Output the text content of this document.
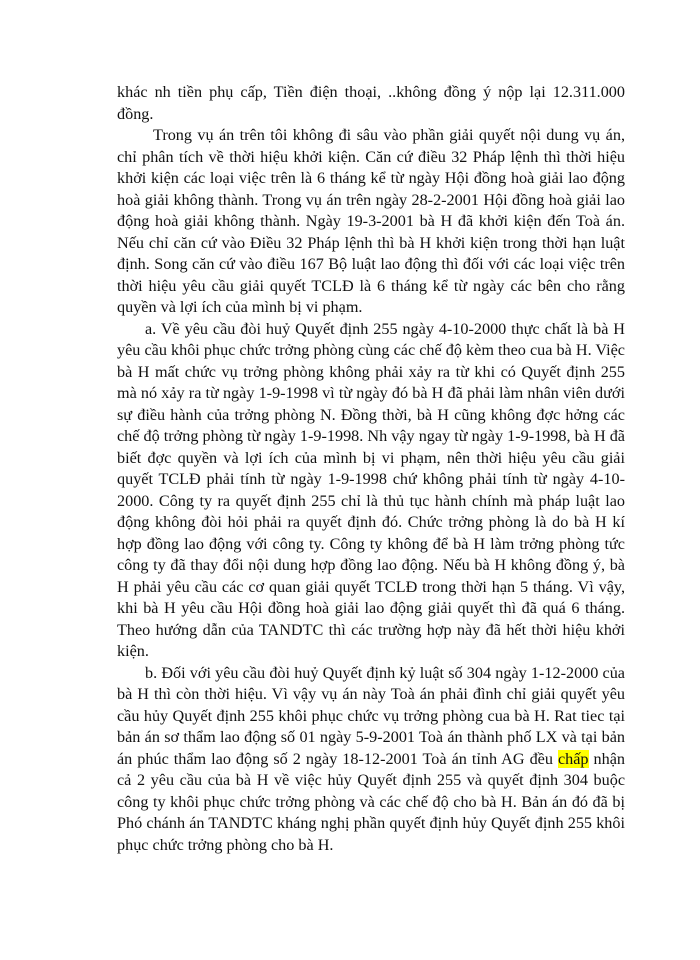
khác nh tiền phụ cấp, Tiền điện thoại, ..không đồng ý nộp lại 12.311.000 đồng.

Trong vụ án trên tôi không đi sâu vào phần giải quyết nội dung vụ án, chỉ phân tích về thời hiệu khởi kiện. Căn cứ điều 32 Pháp lệnh thì thời hiệu khởi kiện các loại việc trên là 6 tháng kể từ ngày Hội đồng hoà giải lao động hoà giải không thành. Trong vụ án trên ngày 28-2-2001 Hội đồng hoà giải lao động hoà giải không thành. Ngày 19-3-2001 bà H đã khởi kiện đến Toà án. Nếu chỉ căn cứ vào Điều 32 Pháp lệnh thì bà H khởi kiện trong thời hạn luật định. Song căn cứ vào điều 167 Bộ luật lao động thì đối với các loại việc trên thời hiệu yêu cầu giải quyết TCLĐ là 6 tháng kể từ ngày các bên cho rằng quyền và lợi ích của mình bị vi phạm.

a. Về yêu cầu đòi huỷ Quyết định 255 ngày 4-10-2000 thực chất là bà H yêu cầu khôi phục chức trởng phòng cùng các chế độ kèm theo cua bà H. Việc bà H mất chức vụ trởng phòng không phải xảy ra từ khi có Quyết định 255 mà nó xảy ra từ ngày 1-9-1998 vì từ ngày đó bà H đã phải làm nhân viên dưới sự điều hành của trởng phòng N. Đồng thời, bà H cũng không đợc hởng các chế độ trởng phòng từ ngày 1-9-1998. Nh vậy ngay từ ngày 1-9-1998, bà H đã biết đợc quyền và lợi ích của mình bị vi phạm, nên thời hiệu yêu cầu giải quyết TCLĐ phải tính từ ngày 1-9-1998 chứ không phải tính từ ngày 4-10-2000. Công ty ra quyết định 255 chỉ là thủ tục hành chính mà pháp luật lao động không đòi hỏi phải ra quyết định đó. Chức trởng phòng là do bà H kí hợp đồng lao động với công ty. Công ty không để bà H làm trởng phòng tức công ty đã thay đổi nội dung hợp đồng lao động. Nếu bà H không đồng ý, bà H phải yêu cầu các cơ quan giải quyết TCLĐ trong thời hạn 5 tháng. Vì vậy, khi bà H yêu cầu Hội đồng hoà giải lao động giải quyết thì đã quá 6 tháng. Theo hướng dẫn của TANDTC thì các trường hợp này đã hết thời hiệu khởi kiện.

b. Đối với yêu cầu đòi huỷ Quyết định kỷ luật số 304 ngày 1-12-2000 của bà H thì còn thời hiệu. Vì vậy vụ án này Toà án phải đình chỉ giải quyết yêu cầu hủy Quyết định 255 khôi phục chức vụ trởng phòng cua bà H. Rat tiec tại bản án sơ thẩm lao động số 01 ngày 5-9-2001 Toà án thành phố LX và tại bản án phúc thẩm lao động số 2 ngày 18-12-2001 Toà án tỉnh AG đều chấp nhận cả 2 yêu cầu của bà H về việc hủy Quyết định 255 và quyết định 304 buộc công ty khôi phục chức trởng phòng và các chế độ cho bà H. Bản án đó đã bị Phó chánh án TANDTC kháng nghị phần quyết định hủy Quyết định 255 khôi phục chức trởng phòng cho bà H.
